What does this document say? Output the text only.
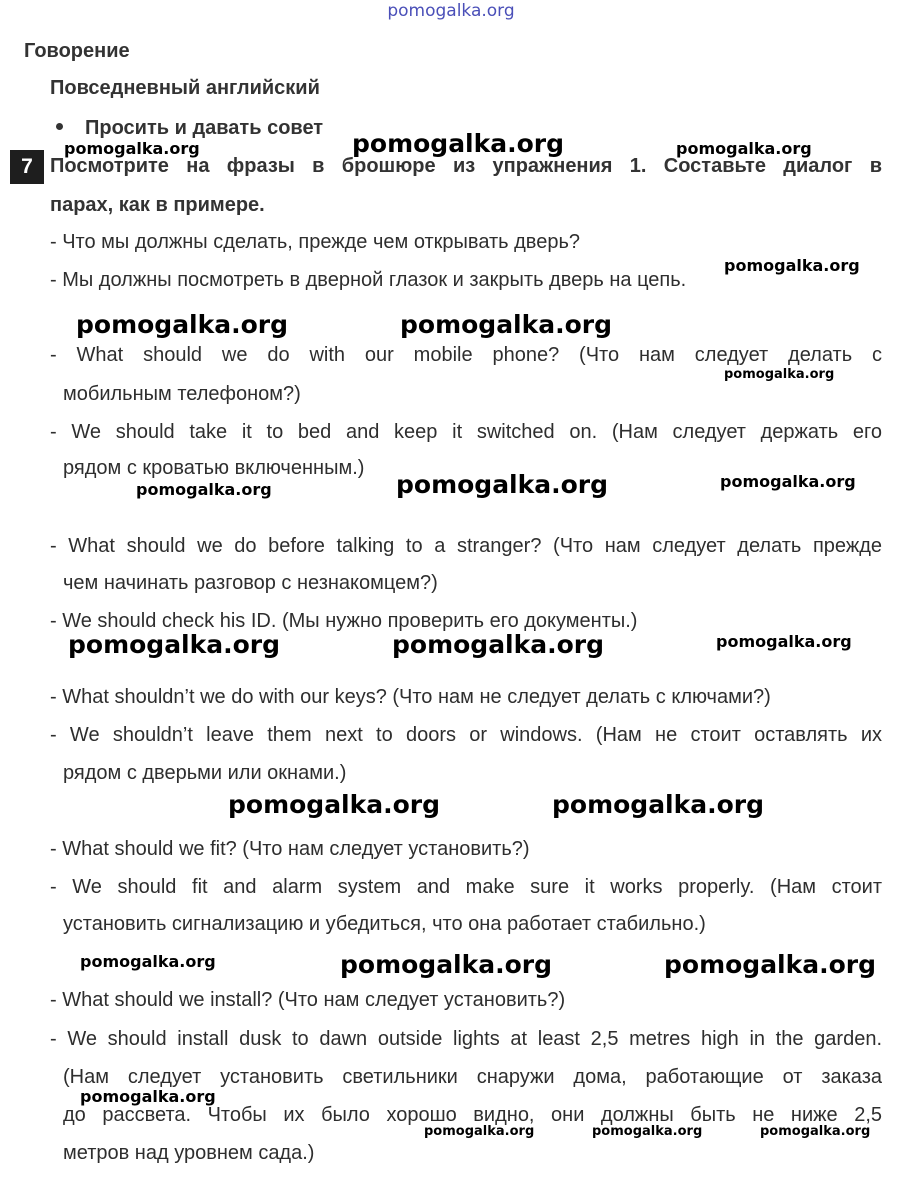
pomogalka.org
Говорение
Повседневный английский
Просить и давать совет
7 Посмотрите на фразы в брошюре из упражнения 1. Составьте диалог в
парах, как в примере.
- Что мы должны сделать, прежде чем открывать дверь?
- Мы должны посмотреть в дверной глазок и закрыть дверь на цепь.
- What should we do with our mobile phone? (Что нам следует делать с
мобильным телефоном?)
- We should take it to bed and keep it switched on. (Нам следует держать его
рядом с кроватью включенным.)
- What should we do before talking to a stranger? (Что нам следует делать прежде
чем начинать разговор с незнакомцем?)
- We should check his ID. (Мы нужно проверить его документы.)
- What shouldn’t we do with our keys? (Что нам не следует делать с ключами?)
- We shouldn’t leave them next to doors or windows. (Нам не стоит оставлять их
рядом с дверьми или окнами.)
- What should we fit? (Что нам следует установить?)
- We should fit and alarm system and make sure it works properly. (Нам стоит
установить сигнализацию и убедиться, что она работает стабильно.)
- What should we install? (Что нам следует установить?)
- We should install dusk to dawn outside lights at least 2,5 metres high in the garden.
(Нам следует установить светильники снаружи дома, работающие от заказа
до рассвета. Чтобы их было хорошо видно, они должны быть не ниже 2,5
метров над уровнем сада.)
pomogalka.org	pomogalka.org	pomogalka.org
pomogalka.org
pomogalka.org	pomogalka.org
pomogalka.org
pomogalka.org	pomogalka.org	pomogalka.org
pomogalka.org	pomogalka.org	pomogalka.org
pomogalka.org	pomogalka.org
pomogalka.org	pomogalka.org	pomogalka.org
pomogalka.org
pomogalka.org	pomogalka.org	pomogalka.org
